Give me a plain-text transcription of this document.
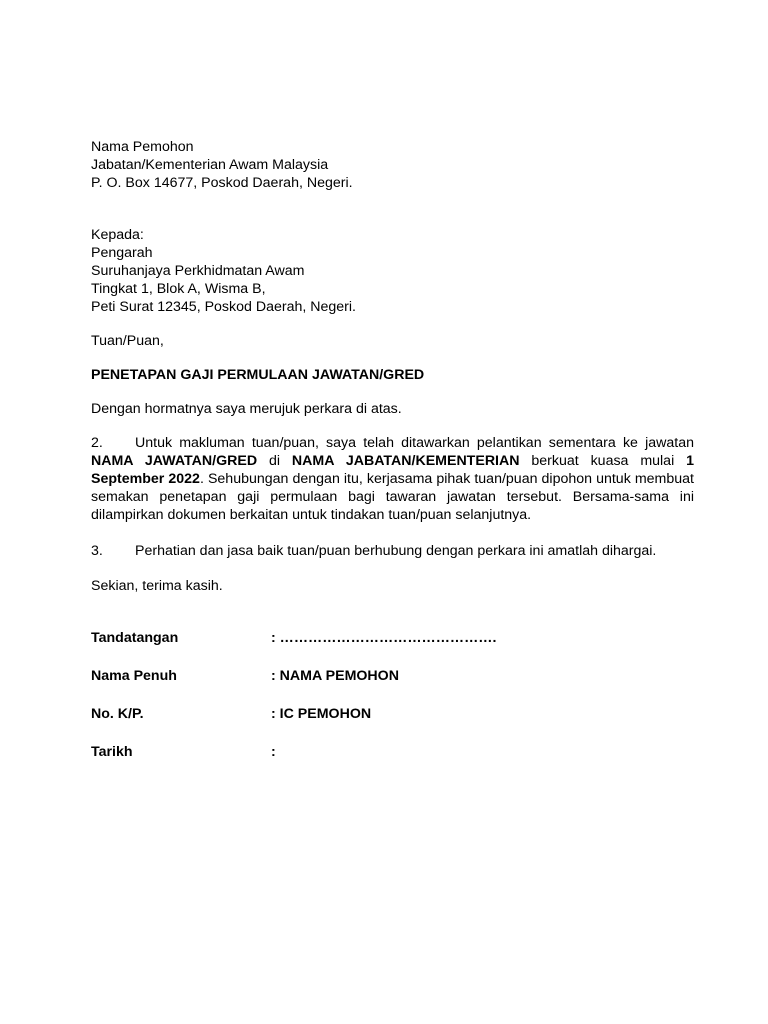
Nama Pemohon
Jabatan/Kementerian Awam Malaysia
P. O. Box 14677, Poskod Daerah, Negeri.
Kepada:
Pengarah
Suruhanjaya Perkhidmatan Awam
Tingkat 1, Blok A, Wisma B,
Peti Surat 12345, Poskod Daerah, Negeri.
Tuan/Puan,
PENETAPAN GAJI PERMULAAN JAWATAN/GRED
Dengan hormatnya saya merujuk perkara di atas.
2. Untuk makluman tuan/puan, saya telah ditawarkan pelantikan sementara ke jawatan NAMA JAWATAN/GRED di NAMA JABATAN/KEMENTERIAN berkuat kuasa mulai 1 September 2022. Sehubungan dengan itu, kerjasama pihak tuan/puan dipohon untuk membuat semakan penetapan gaji permulaan bagi tawaran jawatan tersebut. Bersama-sama ini dilampirkan dokumen berkaitan untuk tindakan tuan/puan selanjutnya.
3. Perhatian dan jasa baik tuan/puan berhubung dengan perkara ini amatlah dihargai.
Sekian, terima kasih.
Tandatangan	: ……………………………………….
Nama Penuh	: NAMA PEMOHON
No. K/P.	: IC PEMOHON
Tarikh	:
